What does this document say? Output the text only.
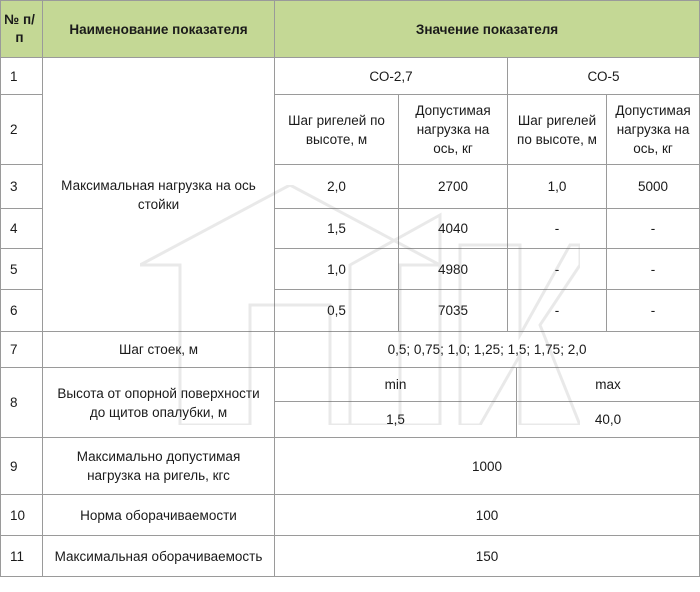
№ п/п	Наименование показателя	Значение показателя				
1	Максимальная нагрузка на ось стойки	СО-2,7		СО-5		
2		Шаг ригелей по высоте, м	Допустимая нагрузка на ось, кг	Шаг ригелей по высоте, м		Допустимая нагрузка на ось, кг
3		2,0	2700	1,0		5000
4		1,5	4040	-		-
5		1,0	4980	-		-
6		0,5	7035	-		-
7	Шаг стоек, м	0,5; 0,75; 1,0; 1,25; 1,5; 1,75; 2,0				
8	Высота от опорной поверхности до щитов опалубки, м	min			max	
		1,5			40,0	
9	Максимально допустимая нагрузка на ригель, кгс	1000				
10	Норма оборачиваемости	100				
11	Максимальная оборачиваемость	150				
